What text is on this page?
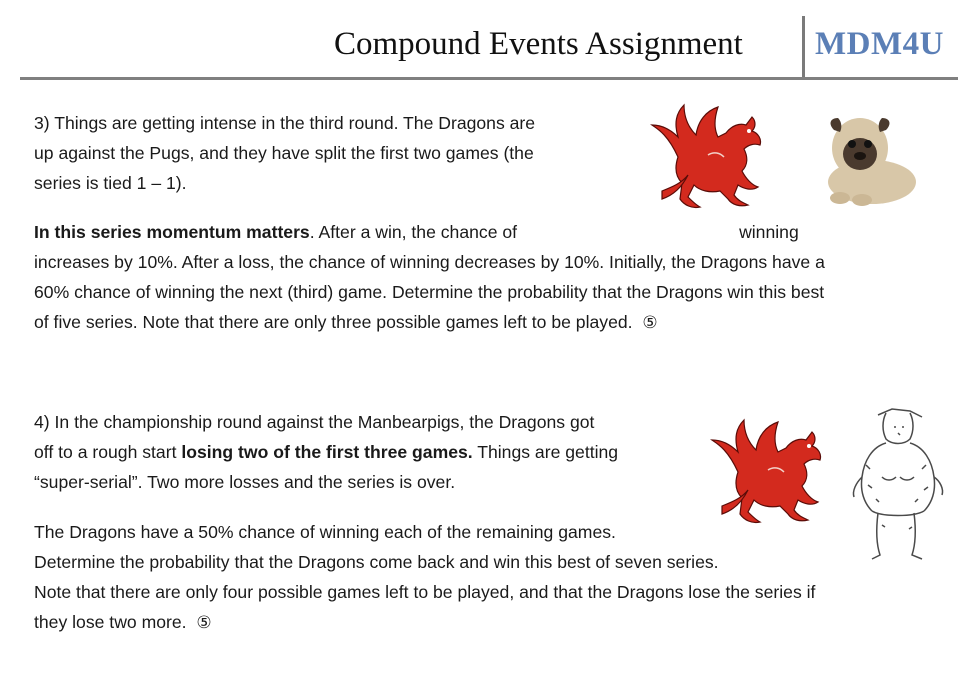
Compound Events Assignment MDM4U
3) Things are getting intense in the third round. The Dragons are
up against the Pugs, and they have split the first two games (the
series is tied 1 – 1).
In this series momentum matters. After a win, the chance of	winning
increases by 10%. After a loss, the chance of winning decreases by 10%. Initially, the Dragons have a
60% chance of winning the next (third) game. Determine the probability that the Dragons win this best
of five series. Note that there are only three possible games left to be played. ⑤
4) In the championship round against the Manbearpigs, the Dragons got
off to a rough start losing two of the first three games. Things are getting
“super-serial”. Two more losses and the series is over.
The Dragons have a 50% chance of winning each of the remaining games.
Determine the probability that the Dragons come back and win this best of seven series.
Note that there are only four possible games left to be played, and that the Dragons lose the series if
they lose two more. ⑤
